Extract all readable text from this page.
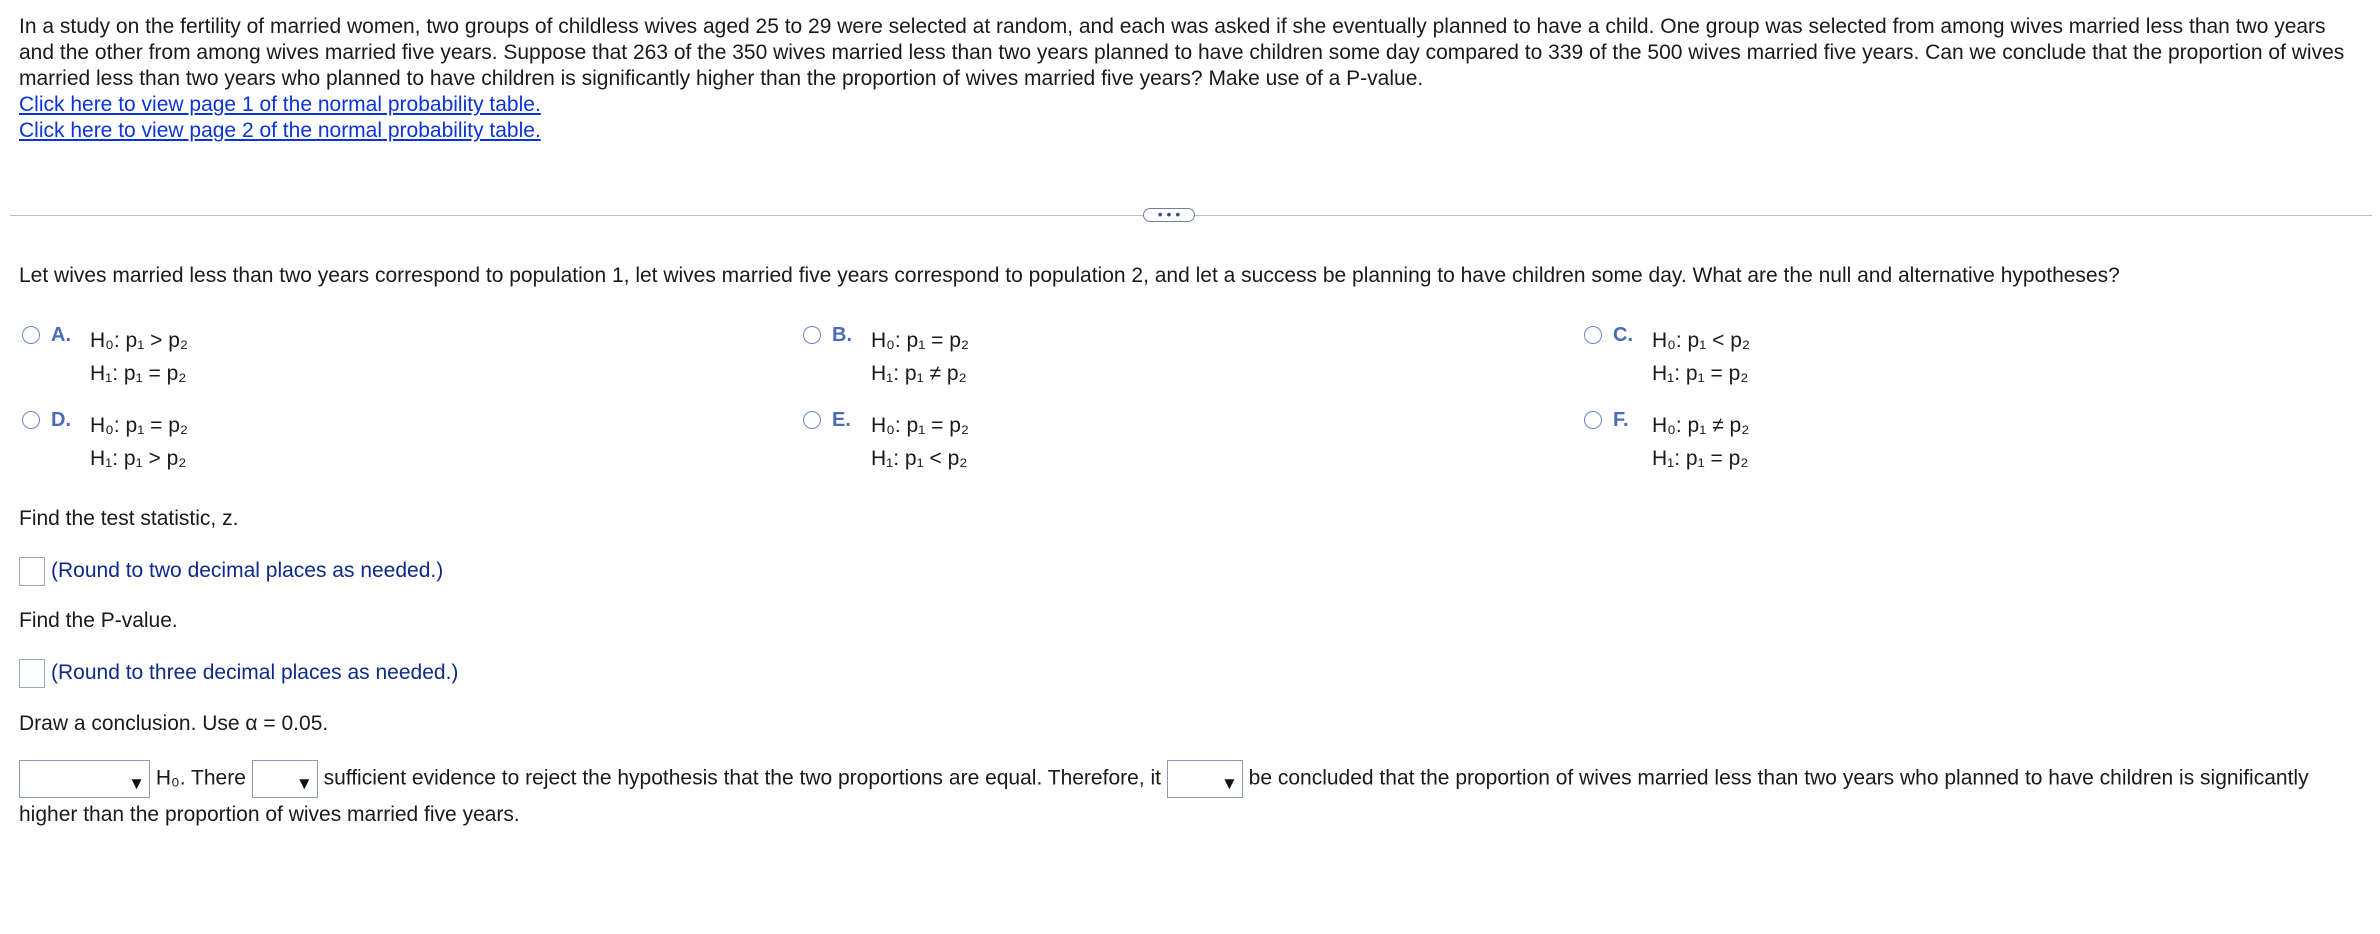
In a study on the fertility of married women, two groups of childless wives aged 25 to 29 were selected at random, and each was asked if she eventually planned to have a child. One group was selected from among wives married less than two years and the other from among wives married five years. Suppose that 263 of the 350 wives married less than two years planned to have children some day compared to 339 of the 500 wives married five years. Can we conclude that the proportion of wives married less than two years who planned to have children is significantly higher than the proportion of wives married five years? Make use of a P-value.

Click here to view page 1 of the normal probability table.
Click here to view page 2 of the normal probability table.
• • •
Let wives married less than two years correspond to population 1, let wives married five years correspond to population 2, and let a success be planning to have children some day. What are the null and alternative hypotheses?
A. H₀: p₁ > p₂
H₁: p₁ = p₂
B. H₀: p₁ = p₂
H₁: p₁ ≠ p₂
C. H₀: p₁ < p₂
H₁: p₁ = p₂
D. H₀: p₁ = p₂
H₁: p₁ > p₂
E. H₀: p₁ = p₂
H₁: p₁ < p₂
F. H₀: p₁ ≠ p₂
H₁: p₁ = p₂
Find the test statistic, z.
(Round to two decimal places as needed.)
Find the P-value.
(Round to three decimal places as needed.)
Draw a conclusion. Use α = 0.05.
▼ H₀. There	▼ sufficient evidence to reject the hypothesis that the two proportions are equal. Therefore, it	▼ be concluded that the proportion of wives married less than two years who planned to have children is significantly higher than the proportion of wives married five years.
